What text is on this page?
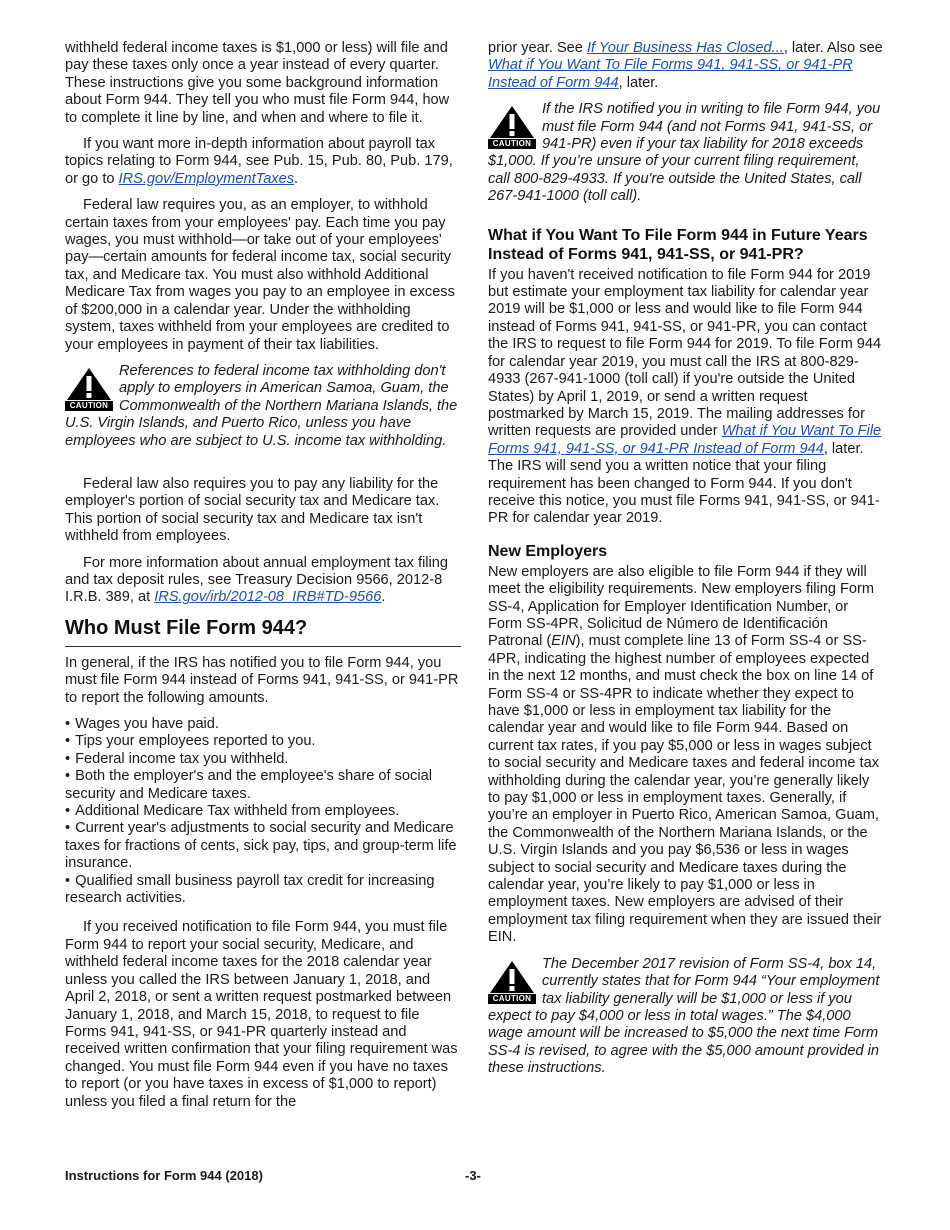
withheld federal income taxes is $1,000 or less) will file and pay these taxes only once a year instead of every quarter. These instructions give you some background information about Form 944. They tell you who must file Form 944, how to complete it line by line, and when and where to file it.

If you want more in-depth information about payroll tax topics relating to Form 944, see Pub. 15, Pub. 80, Pub. 179, or go to IRS.gov/EmploymentTaxes.

Federal law requires you, as an employer, to withhold certain taxes from your employees' pay. Each time you pay wages, you must withhold—or take out of your employees' pay—certain amounts for federal income tax, social security tax, and Medicare tax. You must also withhold Additional Medicare Tax from wages you pay to an employee in excess of $200,000 in a calendar year. Under the withholding system, taxes withheld from your employees are credited to your employees in payment of their tax liabilities.

CAUTION
References to federal income tax withholding don't apply to employers in American Samoa, Guam, the Commonwealth of the Northern Mariana Islands, the U.S. Virgin Islands, and Puerto Rico, unless you have employees who are subject to U.S. income tax withholding.

Federal law also requires you to pay any liability for the employer's portion of social security tax and Medicare tax. This portion of social security tax and Medicare tax isn't withheld from employees.

For more information about annual employment tax filing and tax deposit rules, see Treasury Decision 9566, 2012-8 I.R.B. 389, at IRS.gov/irb/2012-08_IRB#TD-9566.

Who Must File Form 944?

In general, if the IRS has notified you to file Form 944, you must file Form 944 instead of Forms 941, 941-SS, or 941-PR to report the following amounts.

• Wages you have paid.
• Tips your employees reported to you.
• Federal income tax you withheld.
• Both the employer's and the employee's share of social security and Medicare taxes.
• Additional Medicare Tax withheld from employees.
• Current year's adjustments to social security and Medicare taxes for fractions of cents, sick pay, tips, and group-term life insurance.
• Qualified small business payroll tax credit for increasing research activities.

If you received notification to file Form 944, you must file Form 944 to report your social security, Medicare, and withheld federal income taxes for the 2018 calendar year unless you called the IRS between January 1, 2018, and April 2, 2018, or sent a written request postmarked between January 1, 2018, and March 15, 2018, to request to file Forms 941, 941-SS, or 941-PR quarterly instead and received written confirmation that your filing requirement was changed. You must file Form 944 even if you have no taxes to report (or you have taxes in excess of $1,000 to report) unless you filed a final return for the

prior year. See If Your Business Has Closed..., later. Also see What if You Want To File Forms 941, 941-SS, or 941-PR Instead of Form 944, later.

CAUTION
If the IRS notified you in writing to file Form 944, you must file Form 944 (and not Forms 941, 941-SS, or 941-PR) even if your tax liability for 2018 exceeds $1,000. If you’re unsure of your current filing requirement, call 800-829-4933. If you're outside the United States, call 267-941-1000 (toll call).
What if You Want To File Form 944 in Future Years Instead of Forms 941, 941-SS, or 941-PR?

If you haven't received notification to file Form 944 for 2019 but estimate your employment tax liability for calendar year 2019 will be $1,000 or less and would like to file Form 944 instead of Forms 941, 941-SS, or 941-PR, you can contact the IRS to request to file Form 944 for 2019. To file Form 944 for calendar year 2019, you must call the IRS at 800-829-4933 (267-941-1000 (toll call) if you're outside the United States) by April 1, 2019, or send a written request postmarked by March 15, 2019. The mailing addresses for written requests are provided under What if You Want To File Forms 941, 941-SS, or 941-PR Instead of Form 944, later. The IRS will send you a written notice that your filing requirement has been changed to Form 944. If you don't receive this notice, you must file Forms 941, 941-SS, or 941-PR for calendar year 2019.

New Employers

New employers are also eligible to file Form 944 if they will meet the eligibility requirements. New employers filing Form SS-4, Application for Employer Identification Number, or Form SS-4PR, Solicitud de Número de Identificación Patronal (EIN), must complete line 13 of Form SS-4 or SS-4PR, indicating the highest number of employees expected in the next 12 months, and must check the box on line 14 of Form SS-4 or SS-4PR to indicate whether they expect to have $1,000 or less in employment tax liability for the calendar year and would like to file Form 944. Based on current tax rates, if you pay $5,000 or less in wages subject to social security and Medicare taxes and federal income tax withholding during the calendar year, you’re generally likely to pay $1,000 or less in employment taxes. Generally, if you’re an employer in Puerto Rico, American Samoa, Guam, the Commonwealth of the Northern Mariana Islands, or the U.S. Virgin Islands and you pay $6,536 or less in wages subject to social security and Medicare taxes during the calendar year, you’re likely to pay $1,000 or less in employment taxes. New employers are advised of their employment tax filing requirement when they are issued their EIN.

CAUTION
The December 2017 revision of Form SS-4, box 14, currently states that for Form 944 “Your employment tax liability generally will be $1,000 or less if you expect to pay $4,000 or less in total wages.” The $4,000 wage amount will be increased to $5,000 the next time Form SS-4 is revised, to agree with the $5,000 amount provided in these instructions.
Instructions for Form 944 (2018)	-3-
